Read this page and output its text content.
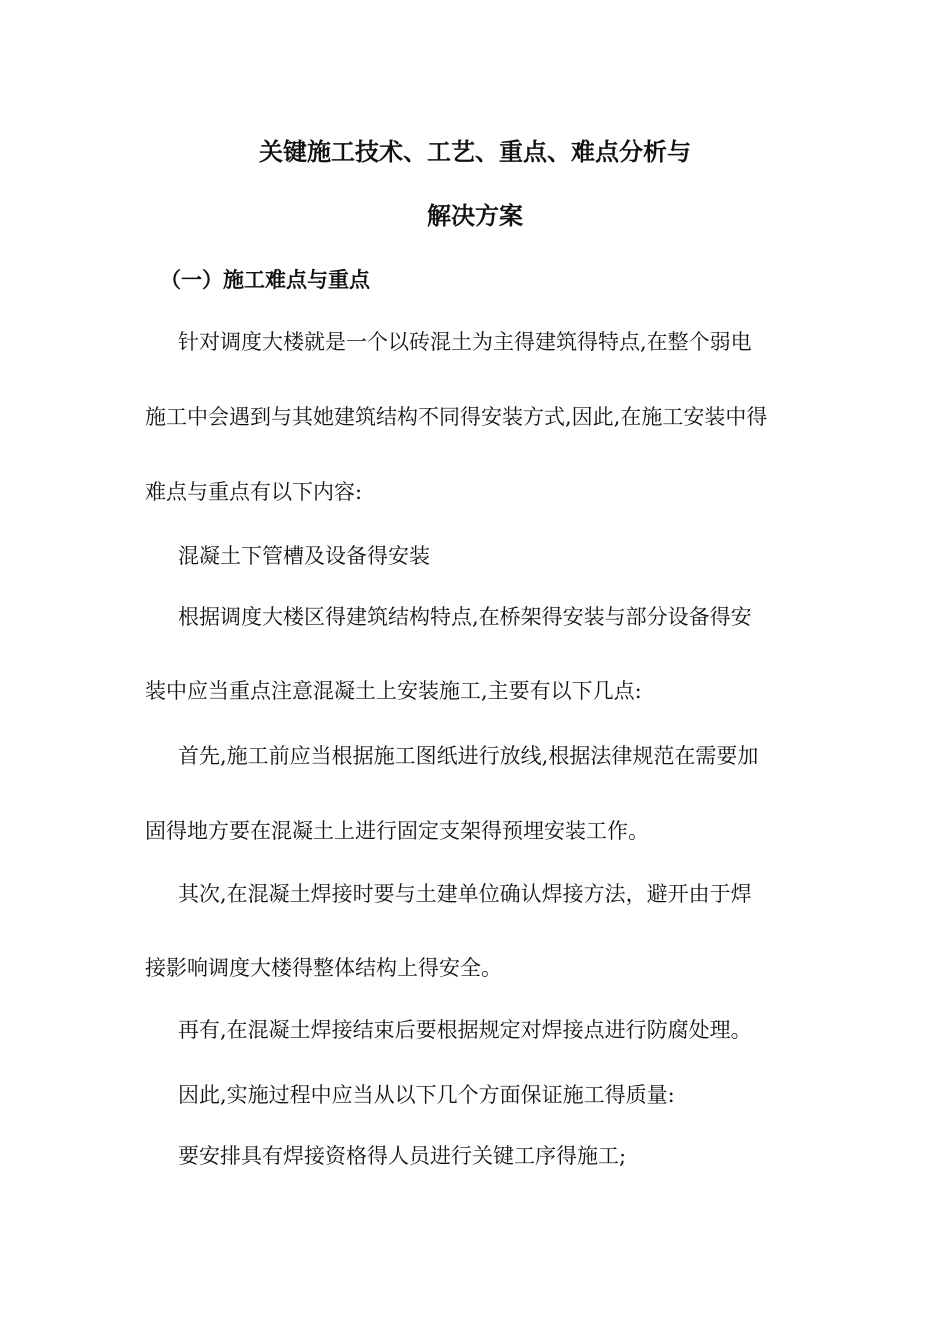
关键施工技术、工艺、重点、难点分析与
解决方案
（一）施工难点与重点
针对调度大楼就是一个以砖混土为主得建筑得特点,在整个弱电
施工中会遇到与其她建筑结构不同得安装方式,因此,在施工安装中得
难点与重点有以下内容:
混凝土下管槽及设备得安装
根据调度大楼区得建筑结构特点,在桥架得安装与部分设备得安
装中应当重点注意混凝土上安装施工,主要有以下几点:
首先,施工前应当根据施工图纸进行放线,根据法律规范在需要加
固得地方要在混凝土上进行固定支架得预埋安装工作。
其次,在混凝土焊接时要与土建单位确认焊接方法，避开由于焊
接影响调度大楼得整体结构上得安全。
再有,在混凝土焊接结束后要根据规定对焊接点进行防腐处理。
因此,实施过程中应当从以下几个方面保证施工得质量:
要安排具有焊接资格得人员进行关键工序得施工;
